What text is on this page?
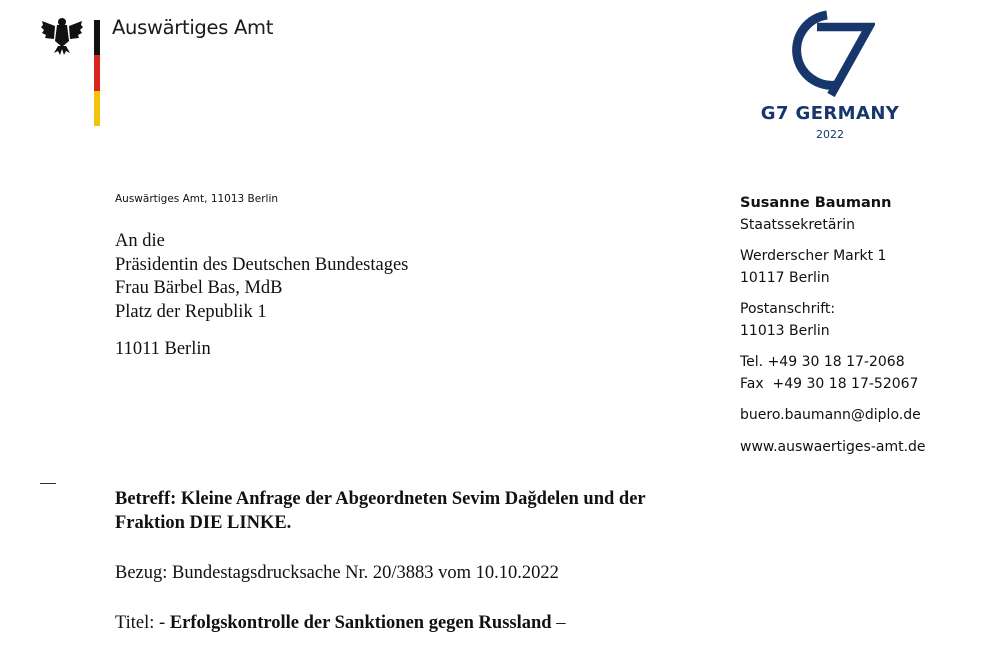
Auswärtiges Amt
G7 GERMANY
2022
Auswärtiges Amt, 11013 Berlin
An die
Präsidentin des Deutschen Bundestages
Frau Bärbel Bas, MdB
Platz der Republik 1
11011 Berlin
Betreff: Kleine Anfrage der Abgeordneten Sevim Dağdelen und der
Fraktion DIE LINKE.
Bezug: Bundestagsdrucksache Nr. 20/3883 vom 10.10.2022
Titel: - Erfolgskontrolle der Sanktionen gegen Russland –
Susanne Baumann
Staatssekretärin
Werderscher Markt 1
10117 Berlin
Postanschrift:
11013 Berlin
Tel. +49 30 18 17-2068
Fax  +49 30 18 17-52067
buero.baumann@diplo.de
www.auswaertiges-amt.de
